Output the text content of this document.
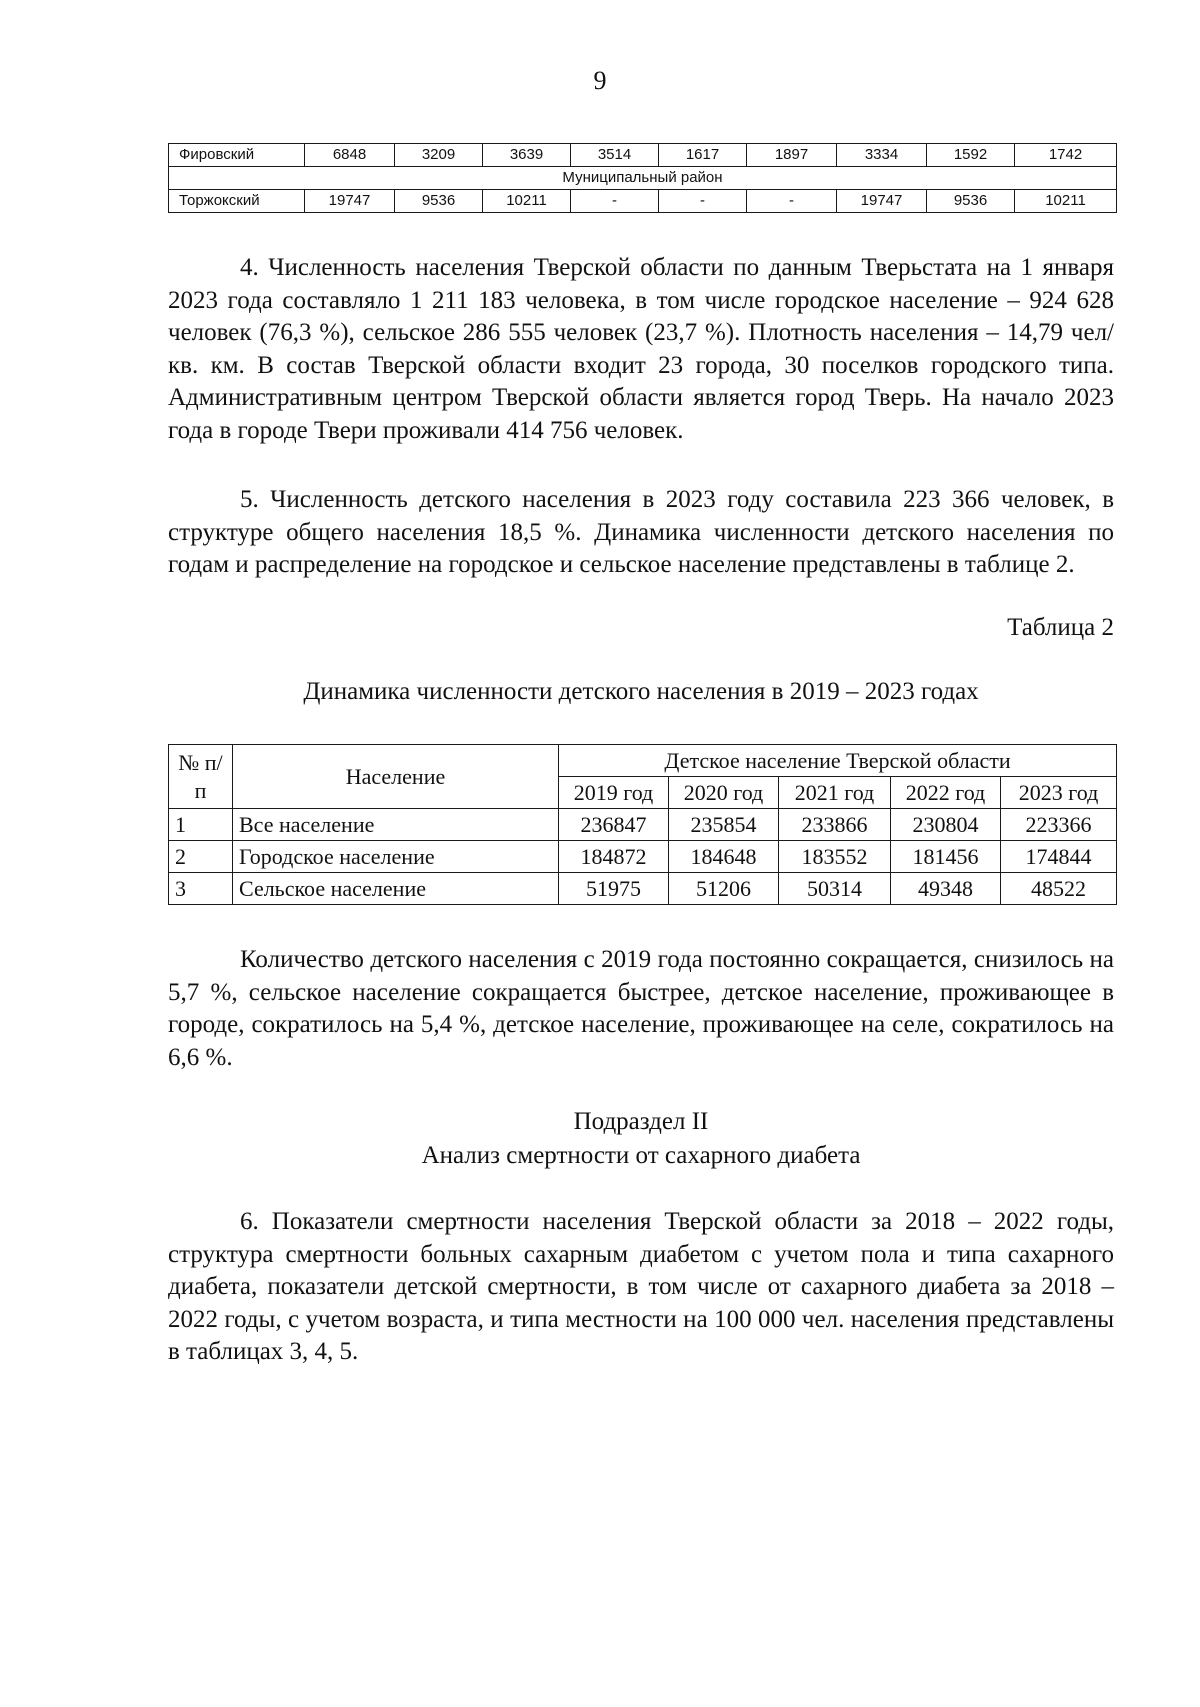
9
Фировский	6848	3209	3639	3514	1617	1897	3334	1592	1742
Муниципальный район									
Торжокский	19747	9536	10211	-	-	-	19747	9536	10211

4. Численность населения Тверской области по данным Тверьстата на 1 января 2023 года составляло 1 211 183 человека, в том числе городское население – 924 628 человек (76,3 %), сельское 286 555 человек (23,7 %). Плотность населения – 14,79 чел/кв. км. В состав Тверской области входит 23 города, 30 поселков городского типа. Административным центром Тверской области является город Тверь. На начало 2023 года в городе Твери проживали 414 756 человек.

5. Численность детского населения в 2023 году составила 223 366 человек, в структуре общего населения 18,5 %. Динамика численности детского населения по годам и распределение на городское и сельское население представлены в таблице 2.

Таблица 2
Динамика численности детского населения в 2019 – 2023 годах
№ п/п	Население	Детское население Тверской области				
		2019 год	2020 год	2021 год	2022 год	2023 год
1	Все население	236847	235854	233866	230804	223366
2	Городское население	184872	184648	183552	181456	174844
3	Сельское население	51975	51206	50314	49348	48522

Количество детского населения с 2019 года постоянно сокращается, снизилось на 5,7 %, сельское население сокращается быстрее, детское население, проживающее в городе, сократилось на 5,4 %, детское население, проживающее на селе, сократилось на 6,6 %.

Подраздел II
Анализ смертности от сахарного диабета

6. Показатели смертности населения Тверской области за 2018 – 2022 годы, структура смертности больных сахарным диабетом с учетом пола и типа сахарного диабета, показатели детской смертности, в том числе от сахарного диабета за 2018 – 2022 годы, с учетом возраста, и типа местности на 100 000 чел. населения представлены в таблицах 3, 4, 5.
